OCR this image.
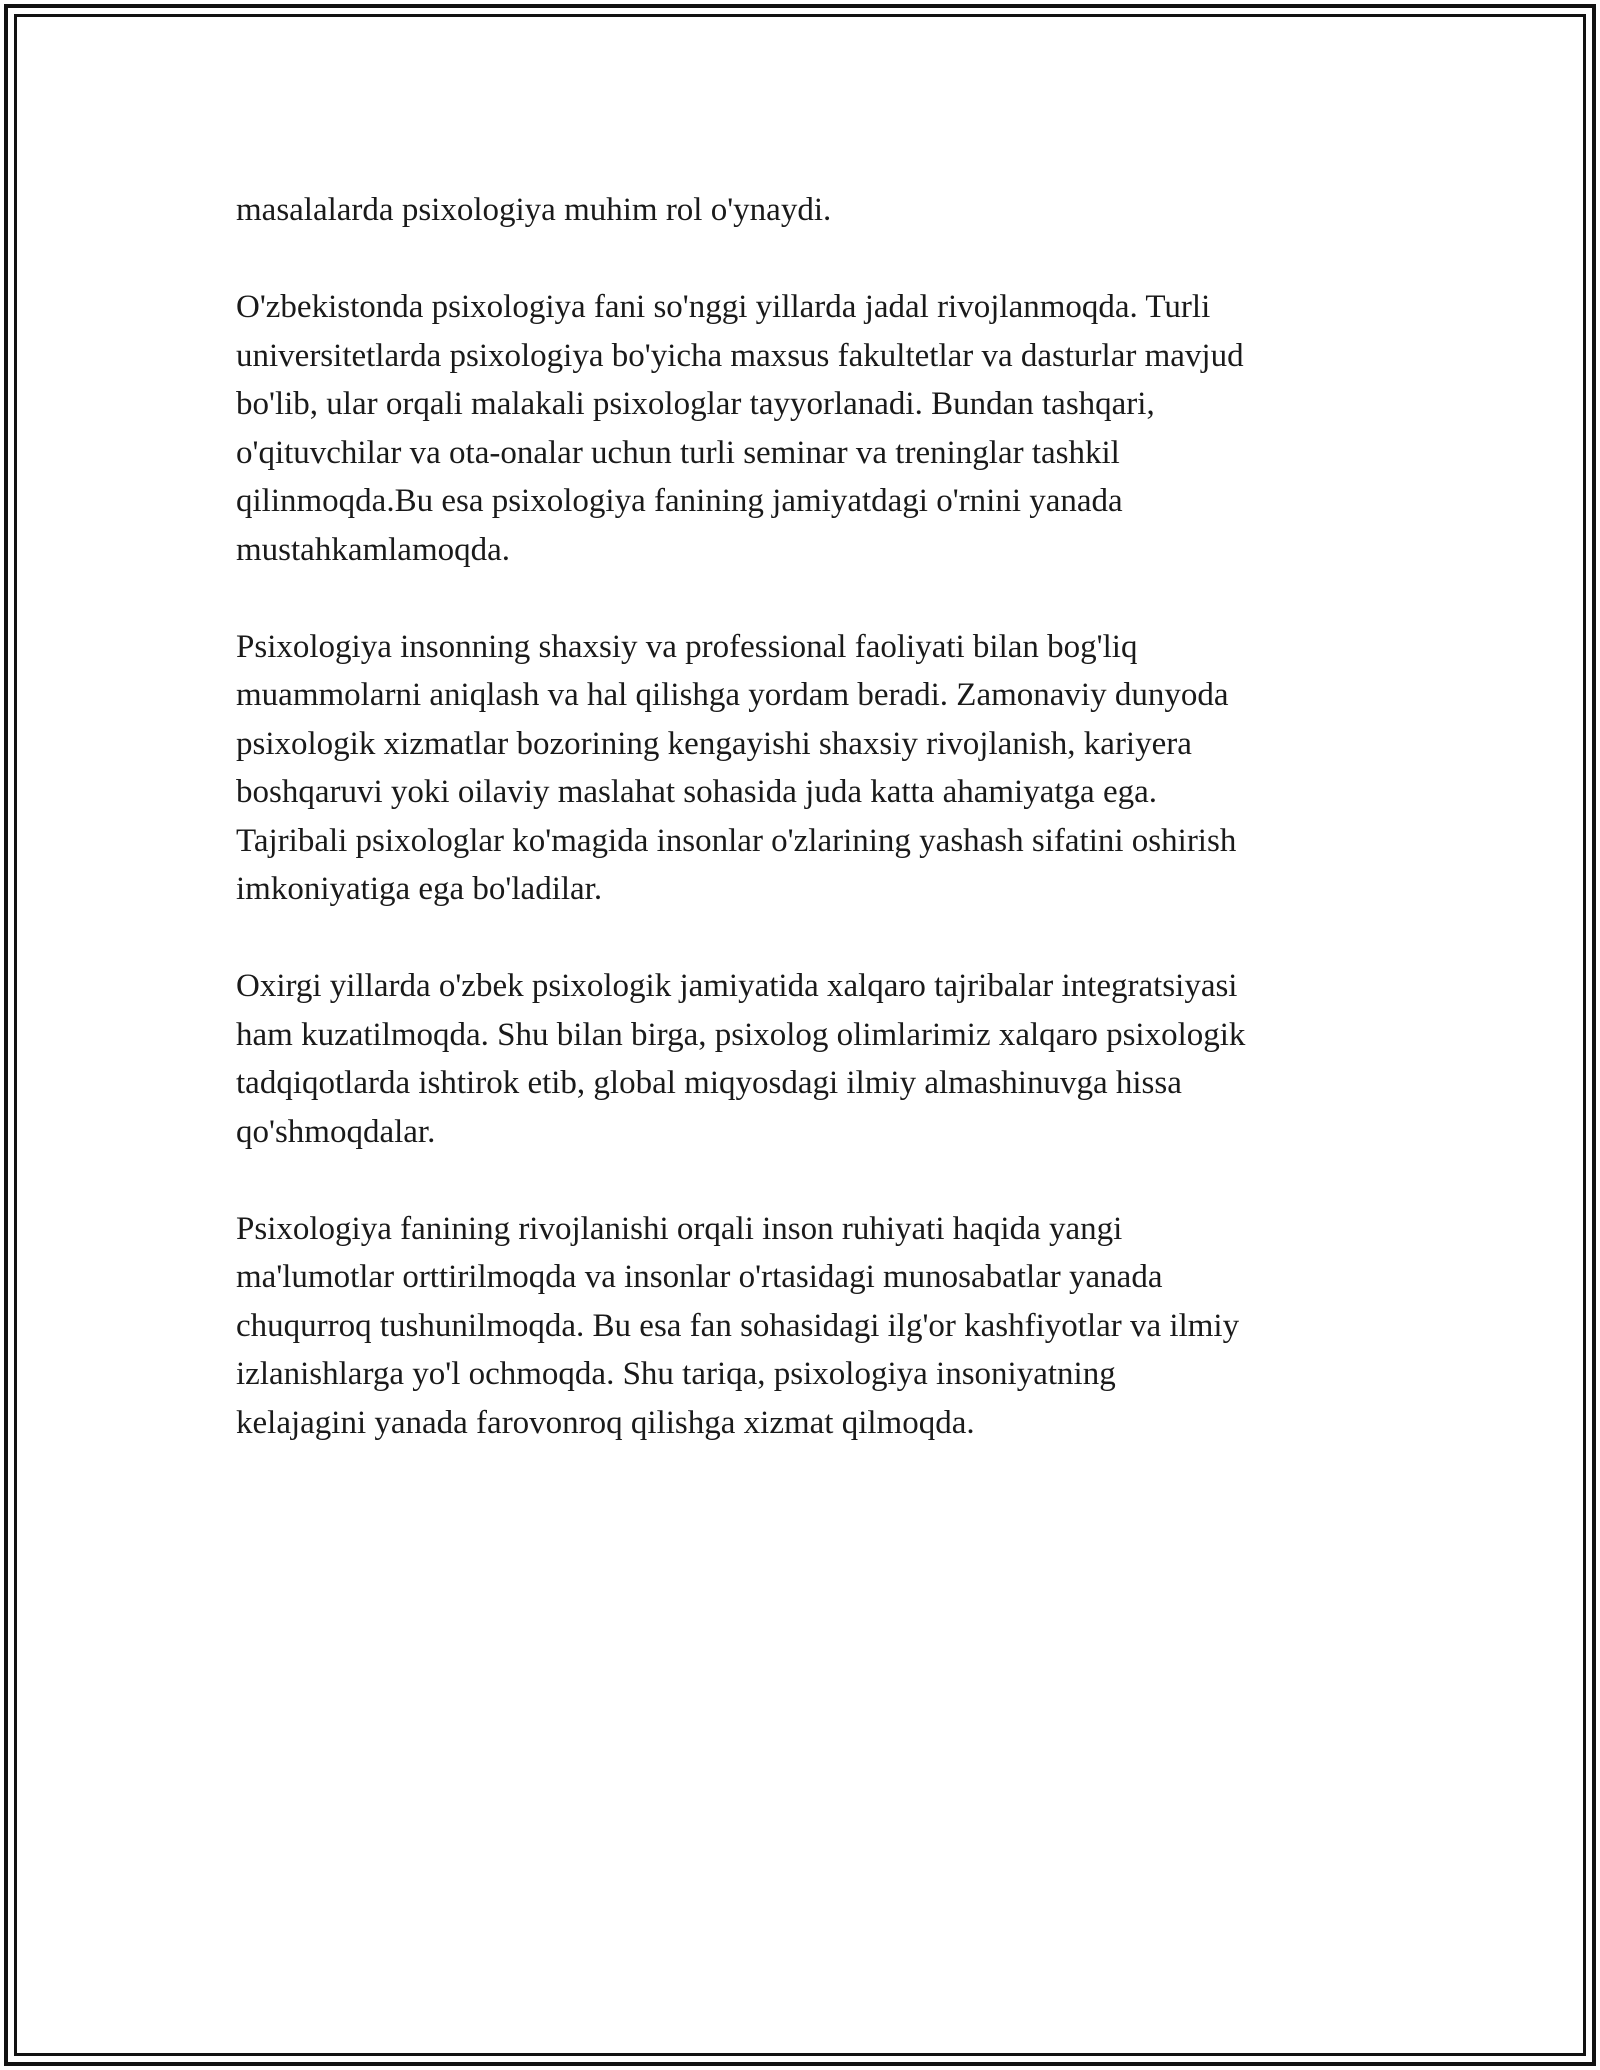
masalalarda psixologiya muhim rol o'ynaydi.

O'zbekistonda psixologiya fani so'nggi yillarda jadal rivojlanmoqda. Turli
universitetlarda psixologiya bo'yicha maxsus fakultetlar va dasturlar mavjud
bo'lib, ular orqali malakali psixologlar tayyorlanadi. Bundan tashqari,
o'qituvchilar va ota-onalar uchun turli seminar va treninglar tashkil
qilinmoqda.Bu esa psixologiya fanining jamiyatdagi o'rnini yanada
mustahkamlamoqda.

Psixologiya insonning shaxsiy va professional faoliyati bilan bog'liq
muammolarni aniqlash va hal qilishga yordam beradi. Zamonaviy dunyoda
psixologik xizmatlar bozorining kengayishi shaxsiy rivojlanish, kariyera
boshqaruvi yoki oilaviy maslahat sohasida juda katta ahamiyatga ega.
Tajribali psixologlar ko'magida insonlar o'zlarining yashash sifatini oshirish
imkoniyatiga ega bo'ladilar.

Oxirgi yillarda o'zbek psixologik jamiyatida xalqaro tajribalar integratsiyasi
ham kuzatilmoqda. Shu bilan birga, psixolog olimlarimiz xalqaro psixologik
tadqiqotlarda ishtirok etib, global miqyosdagi ilmiy almashinuvga hissa
qo'shmoqdalar.

Psixologiya fanining rivojlanishi orqali inson ruhiyati haqida yangi
ma'lumotlar orttirilmoqda va insonlar o'rtasidagi munosabatlar yanada
chuqurroq tushunilmoqda. Bu esa fan sohasidagi ilg'or kashfiyotlar va ilmiy
izlanishlarga yo'l ochmoqda. Shu tariqa, psixologiya insoniyatning
kelajagini yanada farovonroq qilishga xizmat qilmoqda.
